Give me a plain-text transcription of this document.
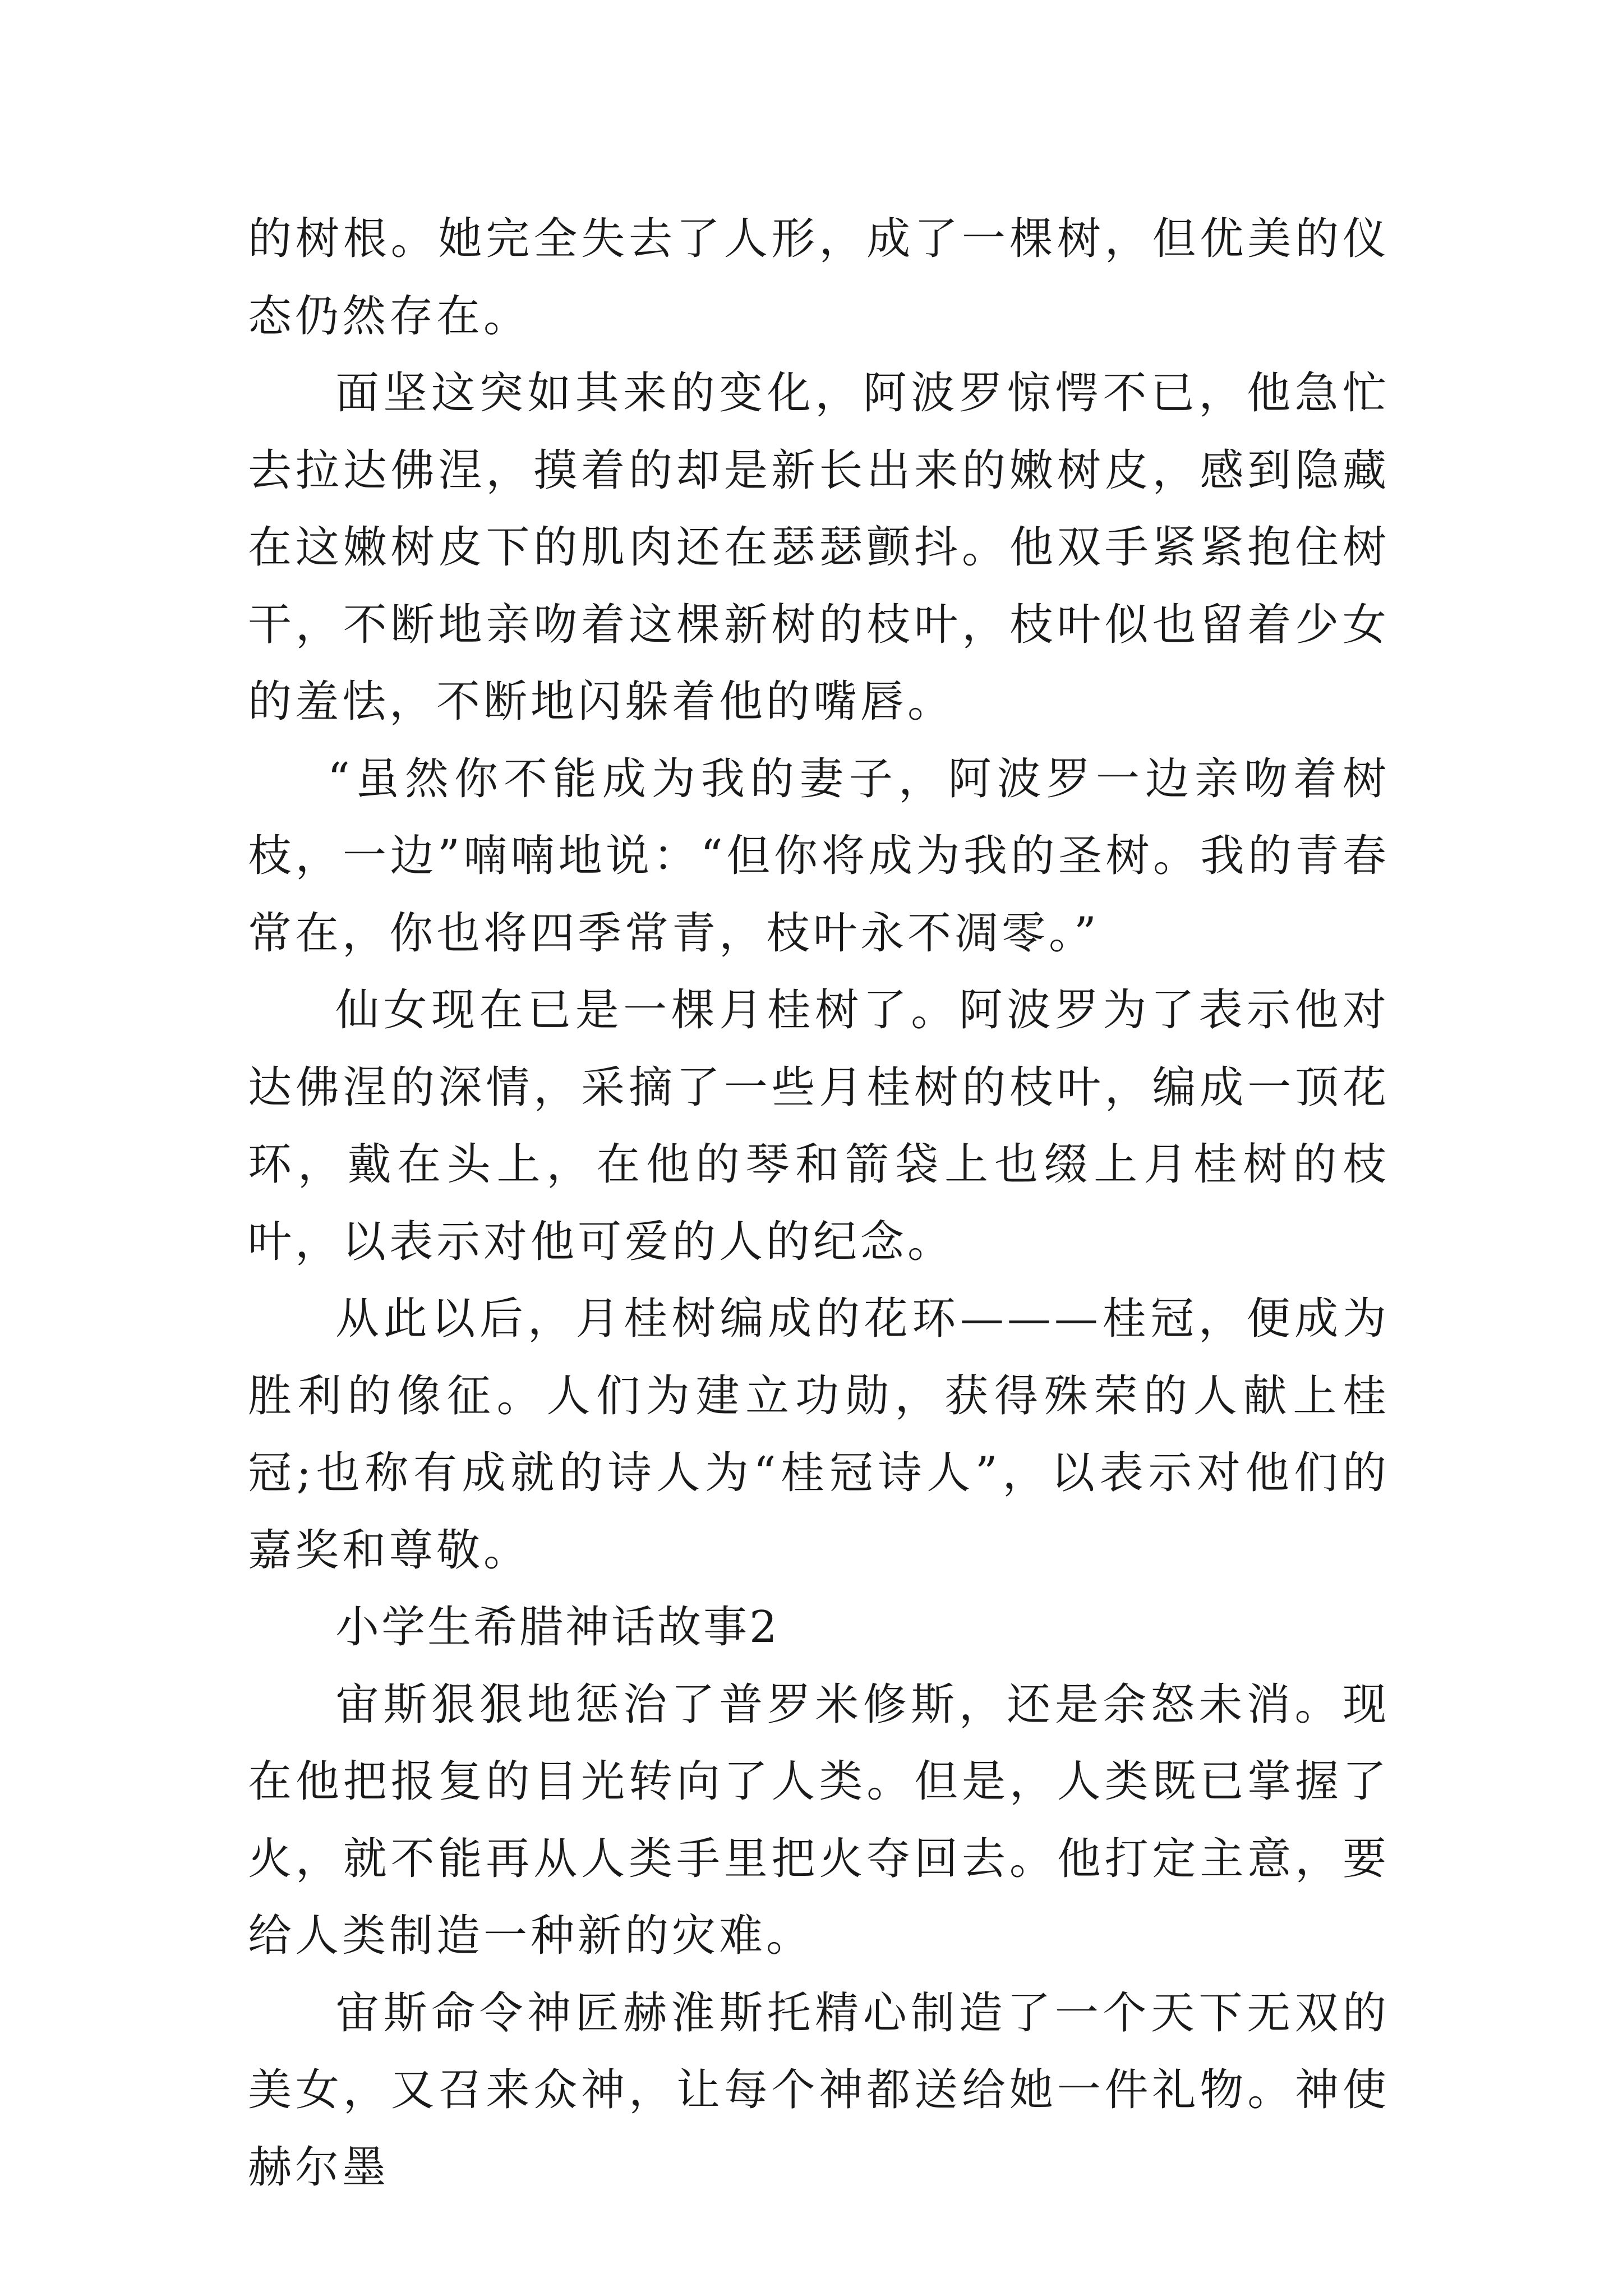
的树根。她完全失去了人形，成了一棵树，但优美的仪态仍然存在。

面坚这突如其来的变化，阿波罗惊愕不已，他急忙去拉达佛涅，摸着的却是新长出来的嫩树皮，感到隐藏在这嫩树皮下的肌肉还在瑟瑟颤抖。他双手紧紧抱住树干，不断地亲吻着这棵新树的枝叶，枝叶似也留着少女的羞怯，不断地闪躲着他的嘴唇。

“虽然你不能成为我的妻子，阿波罗一边亲吻着树枝，一边”喃喃地说：“但你将成为我的圣树。我的青春常在，你也将四季常青，枝叶永不凋零。”

仙女现在已是一棵月桂树了。阿波罗为了表示他对达佛涅的深情，采摘了一些月桂树的枝叶，编成一顶花环，戴在头上，在他的琴和箭袋上也缀上月桂树的枝叶，以表示对他可爱的人的纪念。

从此以后，月桂树编成的花环———桂冠，便成为胜利的像征。人们为建立功勋，获得殊荣的人献上桂冠;也称有成就的诗人为“桂冠诗人”，以表示对他们的嘉奖和尊敬。

小学生希腊神话故事2

宙斯狠狠地惩治了普罗米修斯，还是余怒未消。现在他把报复的目光转向了人类。但是，人类既已掌握了火，就不能再从人类手里把火夺回去。他打定主意，要给人类制造一种新的灾难。

宙斯命令神匠赫淮斯托精心制造了一个天下无双的美女，又召来众神，让每个神都送给她一件礼物。神使赫尔墨
